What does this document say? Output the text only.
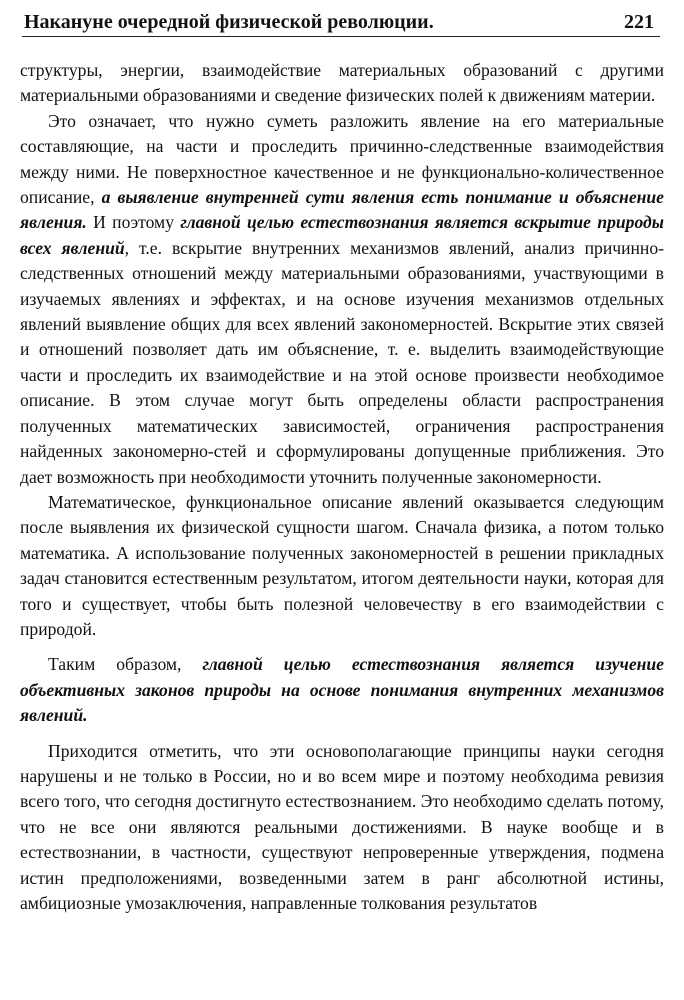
Накануне очередной физической революции.	221

структуры, энергии, взаимодействие материальных образований с другими материальными образованиями и сведение физических полей к движениям материи.

Это означает, что нужно суметь разложить явление на его материальные составляющие, на части и проследить причинно-следственные взаимодействия между ними. Не поверхностное качественное и не функционально-количественное описание, а выявление внутренней сути явления есть понимание и объяснение явления. И поэтому главной целью естествознания является вскрытие природы всех явлений, т.е. вскрытие внутренних механизмов явлений, анализ причинно-следственных отношений между материальными образованиями, участвующими в изучаемых явлениях и эффектах, и на основе изучения механизмов отдельных явлений выявление общих для всех явлений закономерностей. Вскрытие этих связей и отношений позволяет дать им объяснение, т. е. выделить взаимодействующие части и проследить их взаимодействие и на этой основе произвести необходимое описание. В этом случае могут быть определены области распространения полученных математических зависимостей, ограничения распространения найденных закономерно-стей и сформулированы допущенные приближения. Это дает возможность при необходимости уточнить полученные закономерности.

Математическое, функциональное описание явлений оказывается следующим после выявления их физической сущности шагом. Сначала физика, а потом только математика. А использование полученных закономерностей в решении прикладных задач становится естественным результатом, итогом деятельности науки, которая для того и существует, чтобы быть полезной человечеству в его взаимодействии с природой.

Таким образом, главной целью естествознания является изучение объективных законов природы на основе понимания внутренних механизмов явлений.

Приходится отметить, что эти основополагающие принципы науки сегодня нарушены и не только в России, но и во всем мире и поэтому необходима ревизия всего того, что сегодня достигнуто естествознанием. Это необходимо сделать потому, что не все они являются реальными достижениями. В науке вообще и в естествознании, в частности, существуют непроверенные утверждения, подмена истин предположениями, возведенными затем в ранг абсолютной истины, амбициозные умозаключения, направленные толкования результатов
